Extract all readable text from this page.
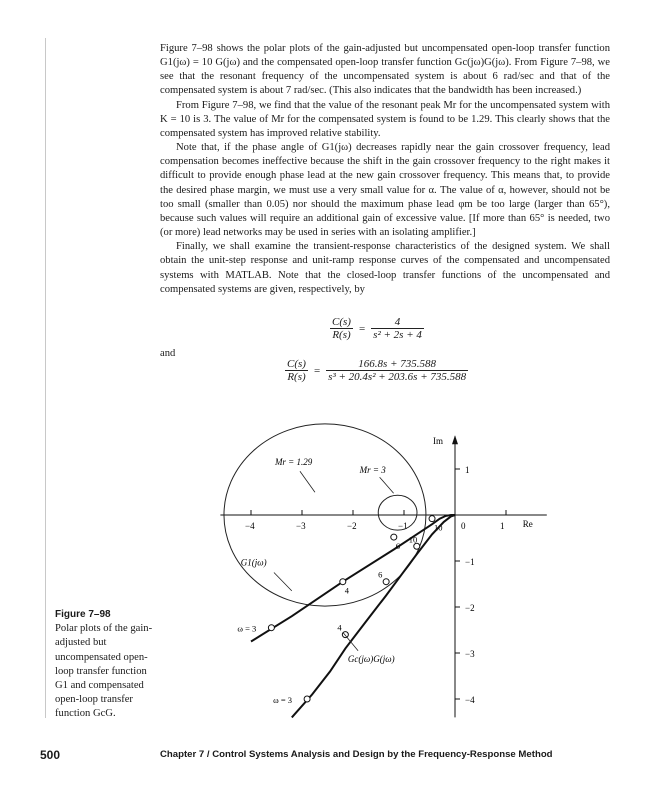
Figure 7–98 shows the polar plots of the gain-adjusted but uncompensated open-loop transfer function G1(jω) = 10 G(jω) and the compensated open-loop transfer function Gc(jω)G(jω). From Figure 7–98, we see that the resonant frequency of the uncompensated system is about 6 rad/sec and that of the compensated system is about 7 rad/sec. (This also indicates that the bandwidth has been increased.)

From Figure 7–98, we find that the value of the resonant peak Mr for the uncompensated system with K = 10 is 3. The value of Mr for the compensated system is found to be 1.29. This clearly shows that the compensated system has improved relative stability.

Note that, if the phase angle of G1(jω) decreases rapidly near the gain crossover frequency, lead compensation becomes ineffective because the shift in the gain crossover frequency to the right makes it difficult to provide enough phase lead at the new gain crossover frequency. This means that, to provide the desired phase margin, we must use a very small value for α. The value of α, however, should not be too small (smaller than 0.05) nor should the maximum phase lead φm be too large (larger than 65°), because such values will require an additional gain of excessive value. [If more than 65° is needed, two (or more) lead networks may be used in series with an isolating amplifier.]

Finally, we shall examine the transient-response characteristics of the designed system. We shall obtain the unit-step response and unit-ramp response curves of the compensated and uncompensated systems with MATLAB. Note that the closed-loop transfer functions of the uncompensated and compensated systems are given, respectively, by

$\frac{C(s)}{R(s)} = \frac{4}{\text{s² + 2s + 4}}$
and
$\frac{C(s)}{R(s)} = \frac{166.8s + 735.588}{\text{s³ + 20.4s² + 203.6s + 735.588}}$
Im
Re
−4	−3	−2	−1	0	1
1
−1
−2
−3
−4
Mr = 1.29
Mr = 3
ω = 3
4
6
10
ω = 3
4
6
10
G1(jω)
Gc(jω)G(jω)
Figure 7–98
Polar plots of the gain-adjusted but uncompensated open-loop transfer function G1 and compensated open-loop transfer function GcG.
500	Chapter 7 / Control Systems Analysis and Design by the Frequency-Response Method
